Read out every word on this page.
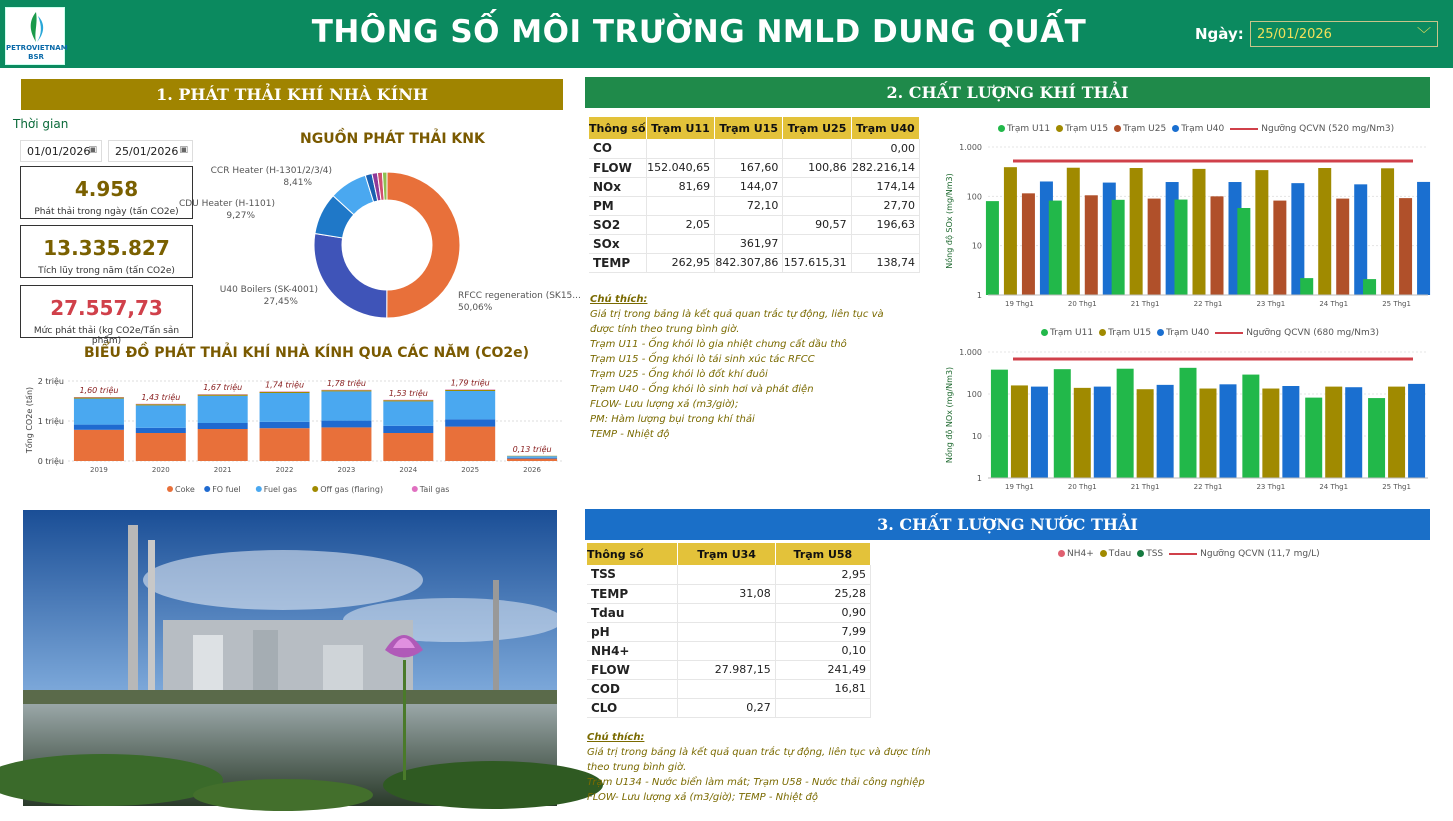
PETROVIETNAM
BSR
THÔNG SỐ MÔI TRƯỜNG NMLD DUNG QUẤT	Ngày:	25/01/2026	﹀
1. PHÁT THẢI KHÍ NHÀ KÍNH
Thời gian
01/01/2026
▣	25/01/2026 ▣
4.958
Phát thải trong ngày (tấn CO2e)
13.335.827
Tích lũy trong năm (tấn CO2e)
27.557,73
Mức phát thải (kg CO2e/Tấn sản phẩm)
NGUỒN PHÁT THẢI KNK
RFCC regeneration (SK15...
50,06%
U40 Boilers (SK-4001)
27,45%
CDU Heater (H-1101)
9,27%
CCR Heater (H-1301/2/3/4)
8,41%
BIỂU ĐỒ PHÁT THẢI KHÍ NHÀ KÍNH QUA CÁC NĂM (CO2e)
Tổng CO2e (tấn)
0 triệu
1 triệu
2 triệu
1,60 triệu
2019
1,43 triệu
2020
1,67 triệu
2021
1,74 triệu
2022
1,78 triệu
2023
1,53 triệu
2024
1,79 triệu
2025
0,13 triệu
2026
Coke FO fuel	Fuel gas	Off gas (flaring)	Tail gas
2. CHẤT LƯỢNG KHÍ THẢI
Thông số	Trạm U11	Trạm U15	Trạm U25	Trạm U40
CO				0,00
FLOW	152.040,65	167,60	100,86	282.216,14
NOx	81,69	144,07		174,14
PM		72,10		27,70
SO2	2,05		90,57	196,63
SOx		361,97		
TEMP	262,95	842.307,86	157.615,31	138,74
Chú thích:
Giá trị trong bảng là kết quả quan trắc tự động, liên tục và
được tính theo trung bình giờ.
Trạm U11 - Ống khói lò gia nhiệt chưng cất dầu thô
Trạm U15 - Ống khói lò tái sinh xúc tác RFCC
Trạm U25 - Ống khói lò đốt khí đuôi
Trạm U40 - Ống khói lò sinh hơi và phát điện
FLOW- Lưu lượng xả (m3/giờ);
PM: Hàm lượng bụi trong khí thải
TEMP - Nhiệt độ
Trạm U11 Trạm U15 Trạm U25 Trạm U40	Ngưỡng QCVN (520 mg/Nm3)
Nồng độ SOx (mg/Nm3)
1
10
100
1.000
19 Thg1	20 Thg1	21 Thg1	22 Thg1	23 Thg1	24 Thg1	25 Thg1
Trạm U11 Trạm U15 Trạm U40	Ngưỡng QCVN (680 mg/Nm3)
Nồng độ NOx (mg/Nm3)
1
10
100
1.000
19 Thg1	20 Thg1	21 Thg1	22 Thg1	23 Thg1	24 Thg1	25 Thg1
3. CHẤT LƯỢNG NƯỚC THẢI
Thông số	Trạm U34	Trạm U58
TSS		2,95
TEMP	31,08	25,28
Tdau		0,90
pH		7,99
NH4+		0,10
FLOW	27.987,15	241,49
COD		16,81
CLO	0,27	
Chú thích:
Giá trị trong bảng là kết quả quan trắc tự động, liên tục và được tính
theo trung bình giờ.
Trạm U134 - Nước biển làm mát; Trạm U58 - Nước thải công nghiệp
FLOW- Lưu lượng xả (m3/giờ); TEMP - Nhiệt độ
NH4+ Tdau TSS	Ngưỡng QCVN (11,7 mg/L)
